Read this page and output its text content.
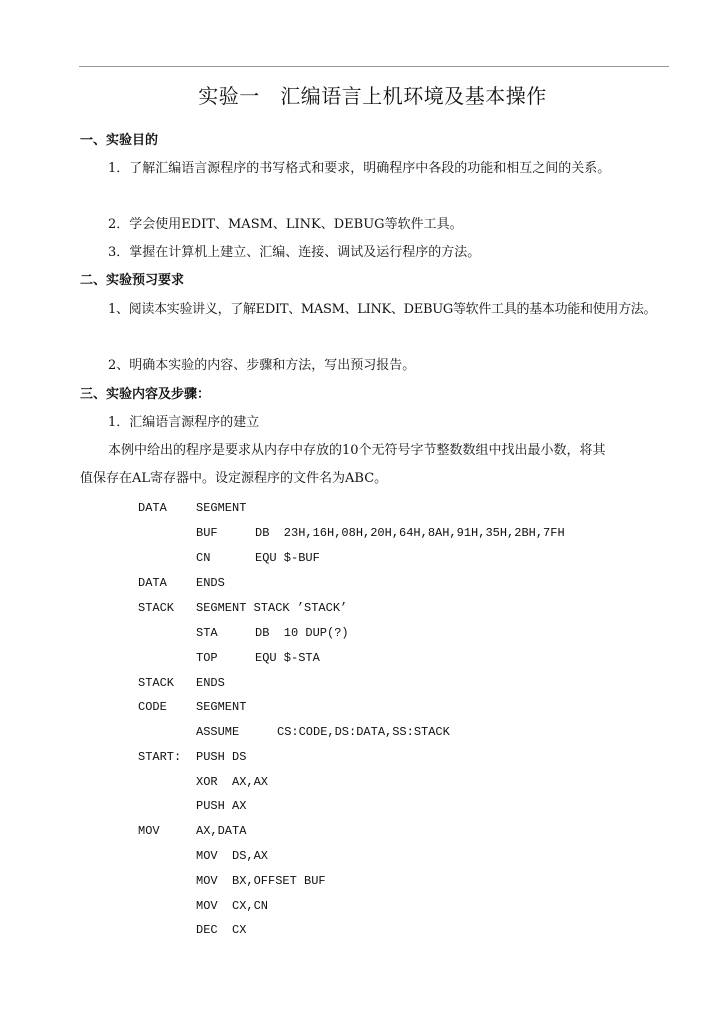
实验一   汇编语言上机环境及基本操作
一、实验目的
1．了解汇编语言源程序的书写格式和要求，明确程序中各段的功能和相互之间的关系。
2．学会使用EDIT、MASM、LINK、DEBUG等软件工具。
3．掌握在计算机上建立、汇编、连接、调试及运行程序的方法。
二、实验预习要求
1、阅读本实验讲义，了解EDIT、MASM、LINK、DEBUG等软件工具的基本功能和使用方法。
2、明确本实验的内容、步骤和方法，写出预习报告。
三、实验内容及步骤：
1．汇编语言源程序的建立
本例中给出的程序是要求从内存中存放的10个无符号字节整数数组中找出最小数，将其
值保存在AL寄存器中。设定源程序的文件名为ABC。
DATA SEGMENT
BUF	DB  23H,16H,08H,20H,64H,8AH,91H,35H,2BH,7FH
CN	EQU $-BUF
DATA ENDS
STACK SEGMENT STACK ’STACK’
STA	DB  10 DUP(?)
TOP	EQU $-STA
STACK ENDS
CODE SEGMENT
ASSUME	CS:CODE,DS:DATA,SS:STACK
START: PUSH DS
XOR  AX,AX
PUSH AX
MOV	AX,DATA
MOV  DS,AX
MOV  BX,OFFSET BUF
MOV  CX,CN
DEC  CX
